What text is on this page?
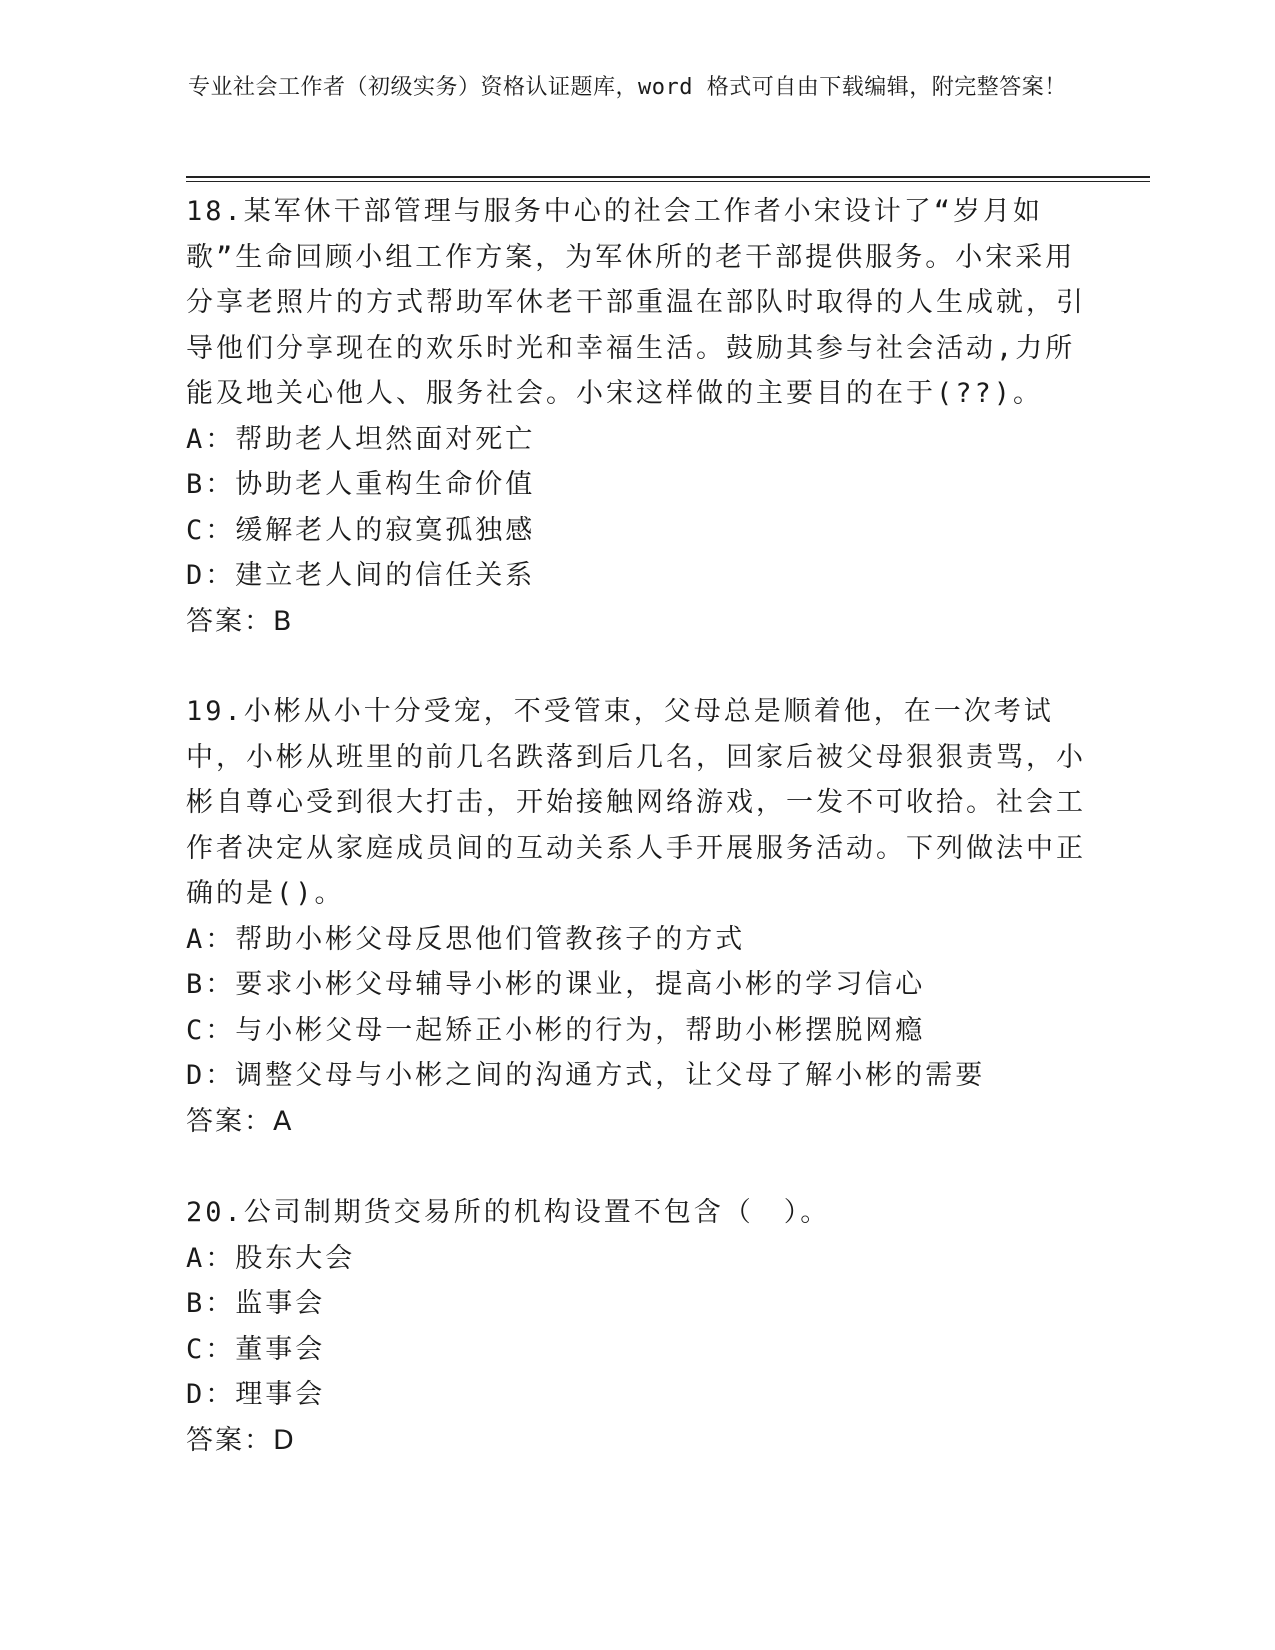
专业社会工作者（初级实务）资格认证题库，word 格式可自由下载编辑，附完整答案！

18.某军休干部管理与服务中心的社会工作者小宋设计了“岁月如歌”生命回顾小组工作方案，为军休所的老干部提供服务。小宋采用分享老照片的方式帮助军休老干部重温在部队时取得的人生成就，引导他们分享现在的欢乐时光和幸福生活。鼓励其参与社会活动,力所能及地关心他人、服务社会。小宋这样做的主要目的在于(??)。

A：帮助老人坦然面对死亡

B：协助老人重构生命价值

C：缓解老人的寂寞孤独感

D：建立老人间的信任关系

答案：B

19.小彬从小十分受宠，不受管束，父母总是顺着他，在一次考试中，小彬从班里的前几名跌落到后几名，回家后被父母狠狠责骂，小彬自尊心受到很大打击，开始接触网络游戏，一发不可收拾。社会工作者决定从家庭成员间的互动关系人手开展服务活动。下列做法中正确的是()。

A：帮助小彬父母反思他们管教孩子的方式

B：要求小彬父母辅导小彬的课业，提高小彬的学习信心

C：与小彬父母一起矫正小彬的行为，帮助小彬摆脱网瘾

D：调整父母与小彬之间的沟通方式，让父母了解小彬的需要

答案：A

20.公司制期货交易所的机构设置不包含（　）。

A：股东大会

B：监事会

C：董事会

D：理事会

答案：D
